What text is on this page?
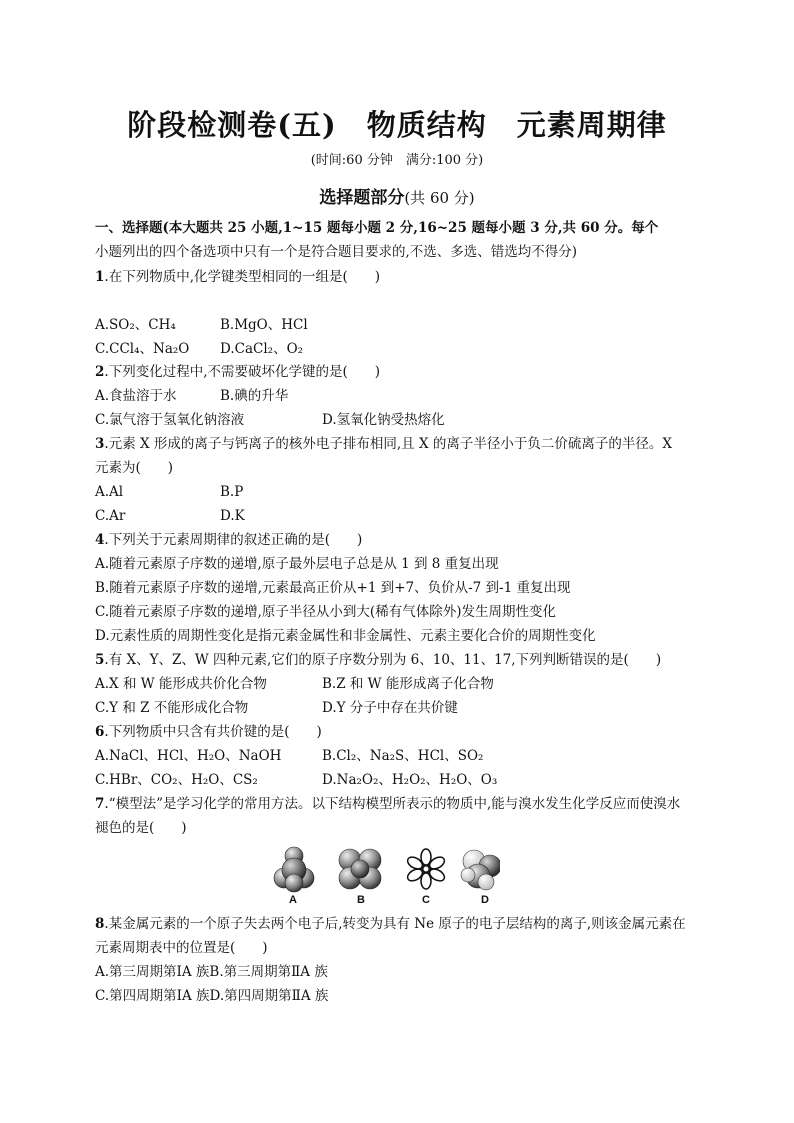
阶段检测卷(五)　物质结构　元素周期律
(时间:60 分钟　满分:100 分)
选择题部分(共 60 分)
一、选择题(本大题共 25 小题,1~15 题每小题 2 分,16~25 题每小题 3 分,共 60 分。每个
小题列出的四个备选项中只有一个是符合题目要求的,不选、多选、错选均不得分)
1.在下列物质中,化学键类型相同的一组是(　　)
A.SO₂、CH₄	B.MgO、HCl
C.CCl₄、Na₂O D.CaCl₂、O₂
2.下列变化过程中,不需要破坏化学键的是(　　)
A.食盐溶于水	B.碘的升华
C.氯气溶于氢氧化钠溶液	D.氢氧化钠受热熔化
3.元素 X 形成的离子与钙离子的核外电子排布相同,且 X 的离子半径小于负二价硫离子的半径。X
元素为(　　)
A.Al	B.P
C.Ar	D.K
4.下列关于元素周期律的叙述正确的是(　　)
A.随着元素原子序数的递增,原子最外层电子总是从 1 到 8 重复出现
B.随着元素原子序数的递增,元素最高正价从+1 到+7、负价从-7 到-1 重复出现
C.随着元素原子序数的递增,原子半径从小到大(稀有气体除外)发生周期性变化
D.元素性质的周期性变化是指元素金属性和非金属性、元素主要化合价的周期性变化
5.有 X、Y、Z、W 四种元素,它们的原子序数分别为 6、10、11、17,下列判断错误的是(　　)
A.X 和 W 能形成共价化合物	B.Z 和 W 能形成离子化合物
C.Y 和 Z 不能形成化合物	D.Y 分子中存在共价键
6.下列物质中只含有共价键的是(　　)
A.NaCl、HCl、H₂O、NaOH	B.Cl₂、Na₂S、HCl、SO₂
C.HBr、CO₂、H₂O、CS₂	D.Na₂O₂、H₂O₂、H₂O、O₃
7.“模型法”是学习化学的常用方法。以下结构模型所表示的物质中,能与溴水发生化学反应而使溴水
褪色的是(　　)
A	B	C	D
8.某金属元素的一个原子失去两个电子后,转变为具有 Ne 原子的电子层结构的离子,则该金属元素在
元素周期表中的位置是(　　)
A.第三周期第ⅠA 族B.第三周期第ⅡA 族
C.第四周期第ⅠA 族D.第四周期第ⅡA 族
